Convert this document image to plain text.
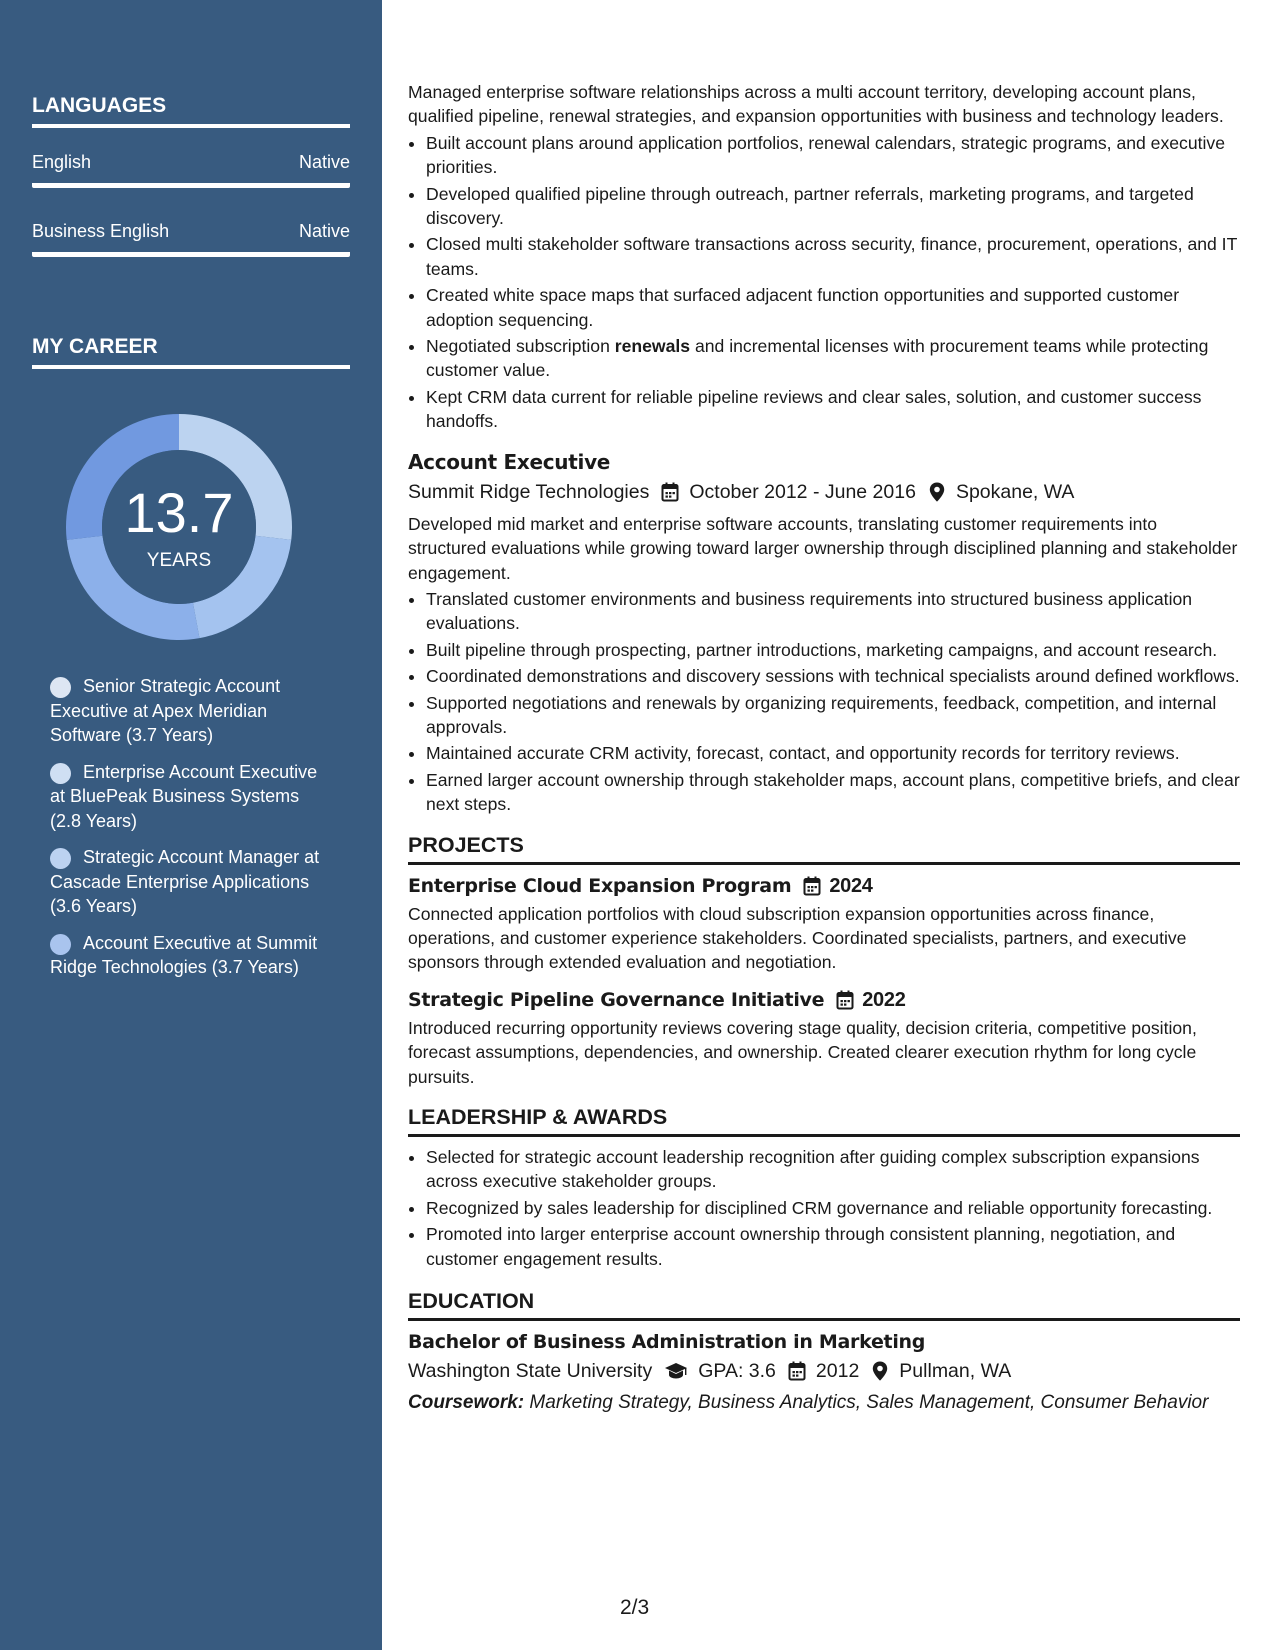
LANGUAGES
English	Native
Business English	Native
MY CAREER
13.7
YEARS
Senior Strategic Account Executive at Apex Meridian Software (3.7 Years)
Enterprise Account Executive at BluePeak Business Systems (2.8 Years)
Strategic Account Manager at Cascade Enterprise Applications (3.6 Years)
Account Executive at Summit Ridge Technologies (3.7 Years)

Managed enterprise software relationships across a multi account territory, developing account plans, qualified pipeline, renewal strategies, and expansion opportunities with business and technology leaders.

• Built account plans around application portfolios, renewal calendars, strategic programs, and executive priorities.
• Developed qualified pipeline through outreach, partner referrals, marketing programs, and targeted discovery.
• Closed multi stakeholder software transactions across security, finance, procurement, operations, and IT teams.
• Created white space maps that surfaced adjacent function opportunities and supported customer adoption sequencing.
• Negotiated subscription renewals and incremental licenses with procurement teams while protecting customer value.
• Kept CRM data current for reliable pipeline reviews and clear sales, solution, and customer success handoffs.
Account Executive
Summit Ridge Technologies October 2012 - June 2016 Spokane, WA

Developed mid market and enterprise software accounts, translating customer requirements into structured evaluations while growing toward larger ownership through disciplined planning and stakeholder engagement.

• Translated customer environments and business requirements into structured business application evaluations.
• Built pipeline through prospecting, partner introductions, marketing campaigns, and account research.
• Coordinated demonstrations and discovery sessions with technical specialists around defined workflows.
• Supported negotiations and renewals by organizing requirements, feedback, competition, and internal approvals.
• Maintained accurate CRM activity, forecast, contact, and opportunity records for territory reviews.
• Earned larger account ownership through stakeholder maps, account plans, competitive briefs, and clear next steps.
PROJECTS
Enterprise Cloud Expansion Program 2024

Connected application portfolios with cloud subscription expansion opportunities across finance, operations, and customer experience stakeholders. Coordinated specialists, partners, and executive sponsors through extended evaluation and negotiation.

Strategic Pipeline Governance Initiative 2022

Introduced recurring opportunity reviews covering stage quality, decision criteria, competitive position, forecast assumptions, dependencies, and ownership. Created clearer execution rhythm for long cycle pursuits.

LEADERSHIP & AWARDS
• Selected for strategic account leadership recognition after guiding complex subscription expansions across executive stakeholder groups.
• Recognized by sales leadership for disciplined CRM governance and reliable opportunity forecasting.
• Promoted into larger enterprise account ownership through consistent planning, negotiation, and customer engagement results.
EDUCATION
Bachelor of Business Administration in Marketing
Washington State University GPA: 3.6 2012 Pullman, WA

Coursework: Marketing Strategy, Business Analytics, Sales Management, Consumer Behavior

2/3
